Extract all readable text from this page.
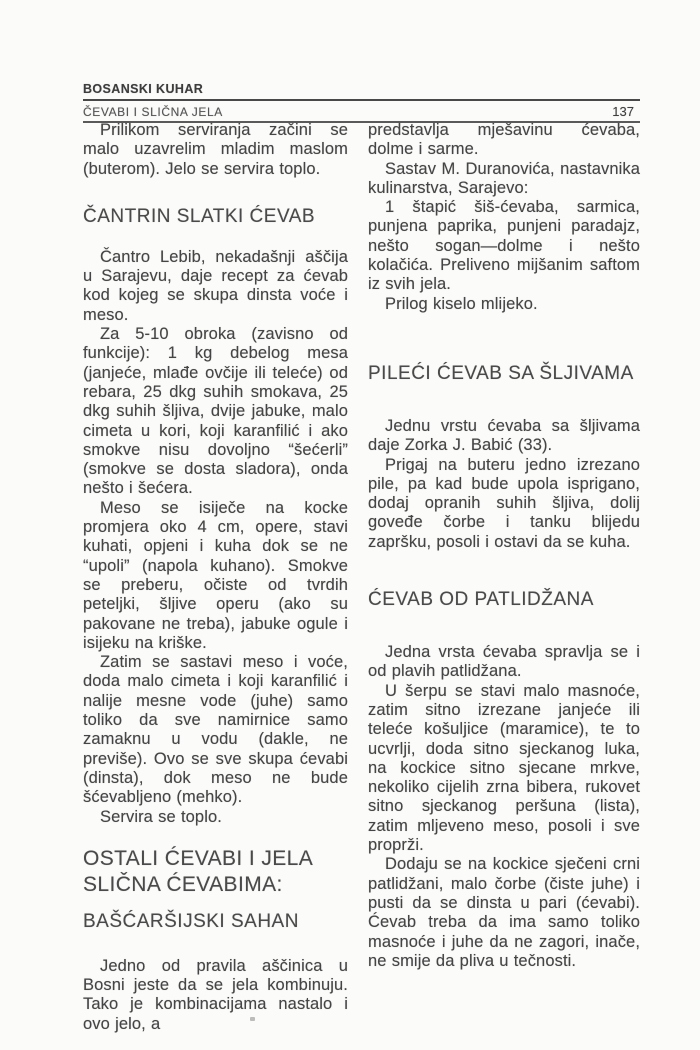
BOSANSKI KUHAR
ČEVABI I SLIČNA JELA	137

Prilikom serviranja začini se malo uzavrelim mladim maslom (buterom). Jelo se servira toplo.

ČANTRIN SLATKI ĆEVAB

Čantro Lebib, nekadašnji aščija u Sarajevu, daje recept za ćevab kod kojeg se skupa dinsta voće i meso.

Za 5-10 obroka (zavisno od funkcije): 1 kg debelog mesa (janjeće, mlađe ovčije ili teleće) od rebara, 25 dkg suhih smokava, 25 dkg suhih šljiva, dvije jabuke, malo cimeta u kori, koji karanfilić i ako smokve nisu dovoljno “šećerli” (smokve se dosta sladora), onda nešto i šećera.

Meso se isiječe na kocke promjera oko 4 cm, opere, stavi kuhati, opjeni i kuha dok se ne “upoli” (napola kuhano). Smokve se preberu, očiste od tvrdih peteljki, šljive operu (ako su pakovane ne treba), jabuke ogule i isijeku na kriške.

Zatim se sastavi meso i voće, doda malo cimeta i koji karanfilić i nalije mesne vode (juhe) samo toliko da sve namirnice samo zamaknu u vodu (dakle, ne previše). Ovo se sve skupa ćevabi (dinsta), dok meso ne bude šćevabljeno (mehko).

Servira se toplo.

OSTALI ĆEVABI I JELA SLIČNA ĆEVABIMA:
BAŠĆARŠIJSKI SAHAN

Jedno od pravila aščinica u Bosni jeste da se jela kombinuju. Tako je kombinacijama nastalo i ovo jelo, a

predstavlja mješavinu ćevaba, dolme i sarme.

Sastav M. Duranovića, nastavnika kulinarstva, Sarajevo:

1 štapić šiš-ćevaba, sarmica, punjena paprika, punjeni paradajz, nešto sogan—dolme i nešto kolačića. Preliveno mijšanim saftom iz svih jela.

Prilog kiselo mlijeko.

PILEĆI ĆEVAB SA ŠLJIVAMA

Jednu vrstu ćevaba sa šljivama daje Zorka J. Babić (33).

Prigaj na buteru jedno izrezano pile, pa kad bude upola isprigano, dodaj opranih suhih šljiva, dolij goveđe čorbe i tanku blijedu zapršku, posoli i ostavi da se kuha.

ĆEVAB OD PATLIDŽANA

Jedna vrsta ćevaba spravlja se i od plavih patlidžana.

U šerpu se stavi malo masnoće, zatim sitno izrezane janjeće ili teleće košuljice (maramice), te to ucvrlji, doda sitno sjeckanog luka, na kockice sitno sjecane mrkve, nekoliko cijelih zrna bibera, rukovet sitno sjeckanog peršuna (lista), zatim mljeveno meso, posoli i sve proprži.

Dodaju se na kockice sječeni crni patlidžani, malo čorbe (čiste juhe) i pusti da se dinsta u pari (ćevabi). Ćevab treba da ima samo toliko masnoće i juhe da ne zagori, inače, ne smije da pliva u tečnosti.
